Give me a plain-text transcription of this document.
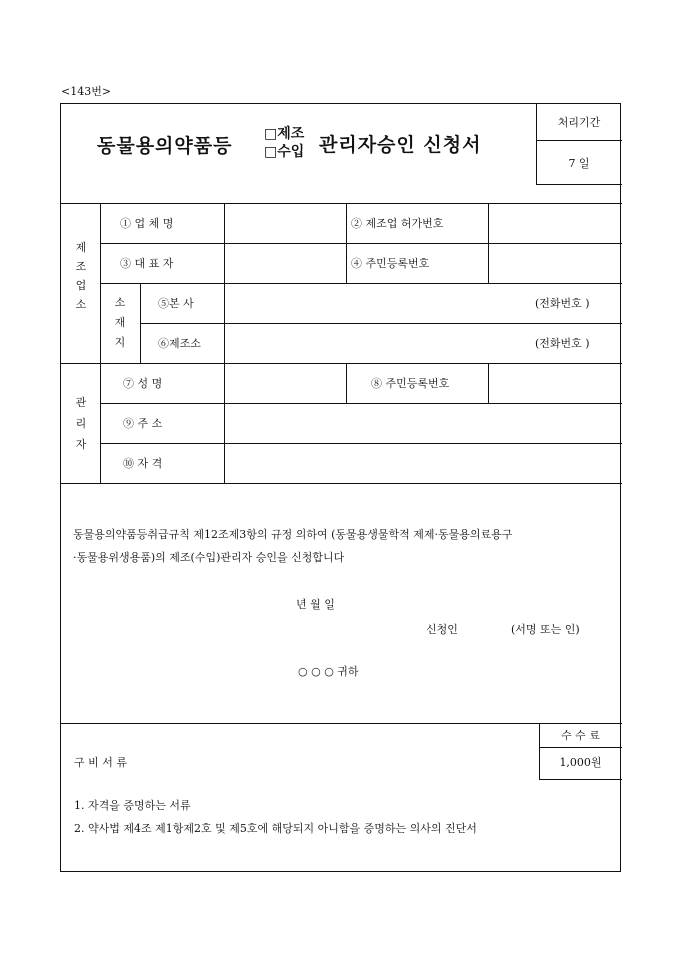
<143번>
동물용의약품등
□제조
□수입 관리자승인 신청서
처리기간
7 일
제조업소
① 업 체 명	② 제조업 허가번호
③ 대 표 자	④ 주민등록번호
소재지
⑤본 사	(전화번호 )
⑥제조소	(전화번호 )
관리자
⑦ 성 명	⑧ 주민등록번호
⑨ 주 소
⑩ 자 격
동물용의약품등취급규칙 제12조제3항의 규정 의하여 (동물용생물학적 제제·동물용의료용구
·동물용위생용품)의 제조(수입)관리자 승인을 신청합니다
년 월 일
신청인	(서명 또는 인)
○ ○ ○ 귀하
수 수 료
1,000원
구 비 서 류
1. 자격을 증명하는 서류
2. 약사법 제4조 제1항제2호 및 제5호에 해당되지 아니함을 증명하는 의사의 진단서
